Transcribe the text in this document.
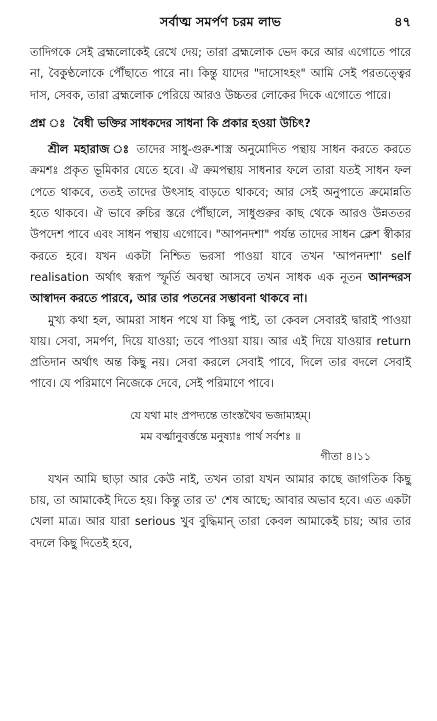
সর্বাত্ম সমর্পণ চরম লাভ	৪৭

তাদিগকে সেই ব্রহ্মলোকেই রেখে দেয়; তারা ব্রহ্মলোক ভেদ করে আর এগোতে পারে না, বৈকুণ্ঠলোকে পৌঁছাতে পারে না। কিন্তু যাদের "দাসোঽহং" আমি সেই পরতত্ত্বের দাস, সেবক, তারা ব্রহ্মলোক পেরিয়ে আরও উচ্চতর লোকের দিকে এগোতে পারে।

প্রশ্ন ঃ বৈধী ভক্তির সাধকদের সাধনা কি প্রকার হওয়া উচিৎ?

শ্রীল মহারাজ ঃ তাদের সাধু-গুরু-শাস্ত্র অনুমোদিত পন্থায় সাধন করতে করতে ক্রমশঃ প্রকৃত ভূমিকার যেতে হবে। ঐ ক্রমপন্থায় সাধনার ফলে তারা যতই সাধন ফল পেতে থাকবে, ততই তাদের উৎসাহ বাড়তে থাকবে; আর সেই অনুপাতে ক্রমোন্নতি হতে থাকবে। ঐ ভাবে রুচির স্তরে পৌঁছালে, সাধুগুরুর কাছ থেকে আরও উন্নততর উপদেশ পাবে এবং সাধন পন্থায় এগোবে। "আপনদশা" পর্যন্ত তাদের সাধন ক্লেশ স্বীকার করতে হবে। যখন একটা নিশ্চিত ভরসা পাওয়া যাবে তখন 'আপনদশা' self realisation অর্থাৎ স্বরূপ স্ফূর্তি অবস্থা আসবে তখন সাধক এক নূতন আনন্দরস আস্বাদন করতে পারবে, আর তার পতনের সম্ভাবনা থাকবে না।

মুখ্য কথা হল, আমরা সাধন পথে যা কিছু পাই, তা কেবল সেবারই দ্বারাই পাওয়া যায়। সেবা, সমর্পণ, দিয়ে যাওয়া; তবে পাওয়া যায়। আর এই দিয়ে যাওয়ার return প্রতিদান অর্থাৎ অন্ত কিছু নয়। সেবা করলে সেবাই পাবে, দিলে তার বদলে সেবাই পাবে। যে পরিমাণে নিজেকে দেবে, সেই পরিমাণে পাবে।

যে যথা মাং প্রপদ্যন্তে তাংস্তথৈব ভজাম্যহম্।
মম বর্ত্মানুবর্ত্তন্তে মনুষ্যাঃ পার্থ সর্বশঃ ॥
গীতা ৪।১১

যখন আমি ছাড়া আর কেউ নাই, তখন তারা যখন আমার কাছে জাগতিক কিছু চায়, তা আমাকেই দিতে হয়। কিন্তু তার ত' শেষ আছে; আবার অভাব হবে। এত একটা খেলা মাত্র। আর যারা serious খুব বুদ্ধিমান্ তারা কেবল আমাকেই চায়; আর তার বদলে কিছু দিতেই হবে,
